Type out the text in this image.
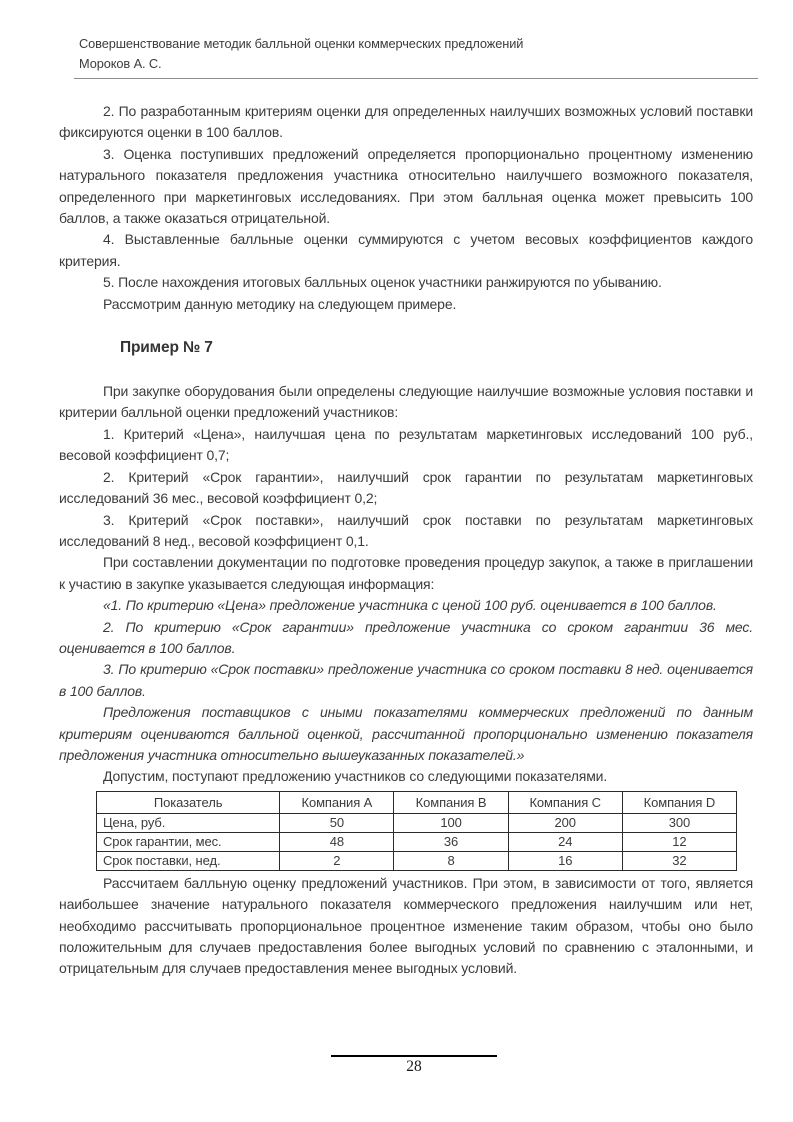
Совершенствование методик балльной оценки коммерческих предложений
Мороков А. С.

2. По разработанным критериям оценки для определенных наилучших возможных условий поставки фиксируются оценки в 100 баллов.

3. Оценка поступивших предложений определяется пропорционально процентному изменению натурального показателя предложения участника относительно наилучшего возможного показателя, определенного при маркетинговых исследованиях. При этом балльная оценка может превысить 100 баллов, а также оказаться отрицательной.

4. Выставленные балльные оценки суммируются с учетом весовых коэффициентов каждого критерия.

5. После нахождения итоговых балльных оценок участники ранжируются по убыванию.

Рассмотрим данную методику на следующем примере.

Пример № 7

При закупке оборудования были определены следующие наилучшие возможные условия поставки и критерии балльной оценки предложений участников:

1. Критерий «Цена», наилучшая цена по результатам маркетинговых исследований 100 руб., весовой коэффициент 0,7;

2. Критерий «Срок гарантии», наилучший срок гарантии по результатам маркетинговых исследований 36 мес., весовой коэффициент 0,2;

3. Критерий «Срок поставки», наилучший срок поставки по результатам маркетинговых исследований 8 нед., весовой коэффициент 0,1.

При составлении документации по подготовке проведения процедур закупок, а также в приглашении к участию в закупке указывается следующая информация:

«1. По критерию «Цена» предложение участника с ценой 100 руб. оценивается в 100 баллов.

2. По критерию «Срок гарантии» предложение участника со сроком гарантии 36 мес. оценивается в 100 баллов.

3. По критерию «Срок поставки» предложение участника со сроком поставки 8 нед. оценивается в 100 баллов.

Предложения поставщиков с иными показателями коммерческих предложений по данным критериям оцениваются балльной оценкой, рассчитанной пропорционально изменению показателя предложения участника относительно вышеуказанных показателей.»

Допустим, поступают предложению участников со следующими показателями.

Показатель	Компания A	Компания B	Компания C	Компания D
Цена, руб.	50	100	200	300
Срок гарантии, мес.	48	36	24	12
Срок поставки, нед.	2	8	16	32

Рассчитаем балльную оценку предложений участников. При этом, в зависимости от того, является наибольшее значение натурального показателя коммерческого предложения наилучшим или нет, необходимо рассчитывать пропорциональное процентное изменение таким образом, чтобы оно было положительным для случаев предоставления более выгодных условий по сравнению с эталонными, и отрицательным для случаев предоставления менее выгодных условий.

28
